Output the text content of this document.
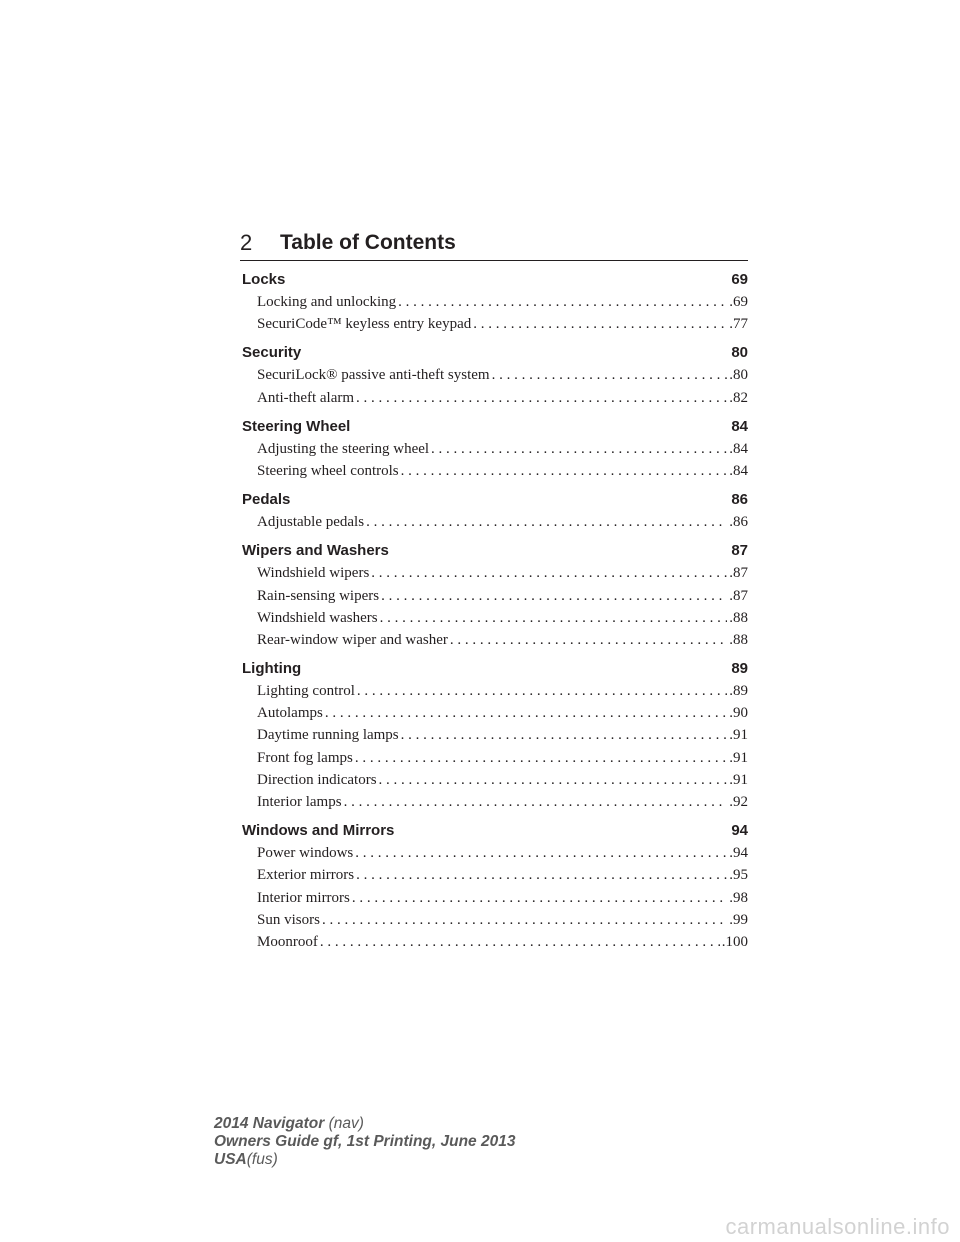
2 Table of Contents
Locks	69
Locking and unlocking . . .	.69
SecuriCode™ keyless entry keypad . . .	.77
Security	80
SecuriLock® passive anti-theft system . . .	.80
Anti-theft alarm . . .	.82
Steering Wheel	84
Adjusting the steering wheel . . .	.84
Steering wheel controls . . .	.84
Pedals	86
Adjustable pedals . . .	.86
Wipers and Washers	87
Windshield wipers . . .	.87
Rain-sensing wipers . . .	.87
Windshield washers . . .	.88
Rear-window wiper and washer . . .	.88
Lighting	89
Lighting control . . .	.89
Autolamps . . .	.90
Daytime running lamps . . .	.91
Front fog lamps . . .	.91
Direction indicators . . .	.91
Interior lamps . . .	.92
Windows and Mirrors	94
Power windows . . .	.94
Exterior mirrors . . .	.95
Interior mirrors . . .	.98
Sun visors . . .	.99
Moonroof . . .	.100
2014 Navigator (nav)
Owners Guide gf, 1st Printing, June 2013
USA(fus)
carmanualsonline.info
